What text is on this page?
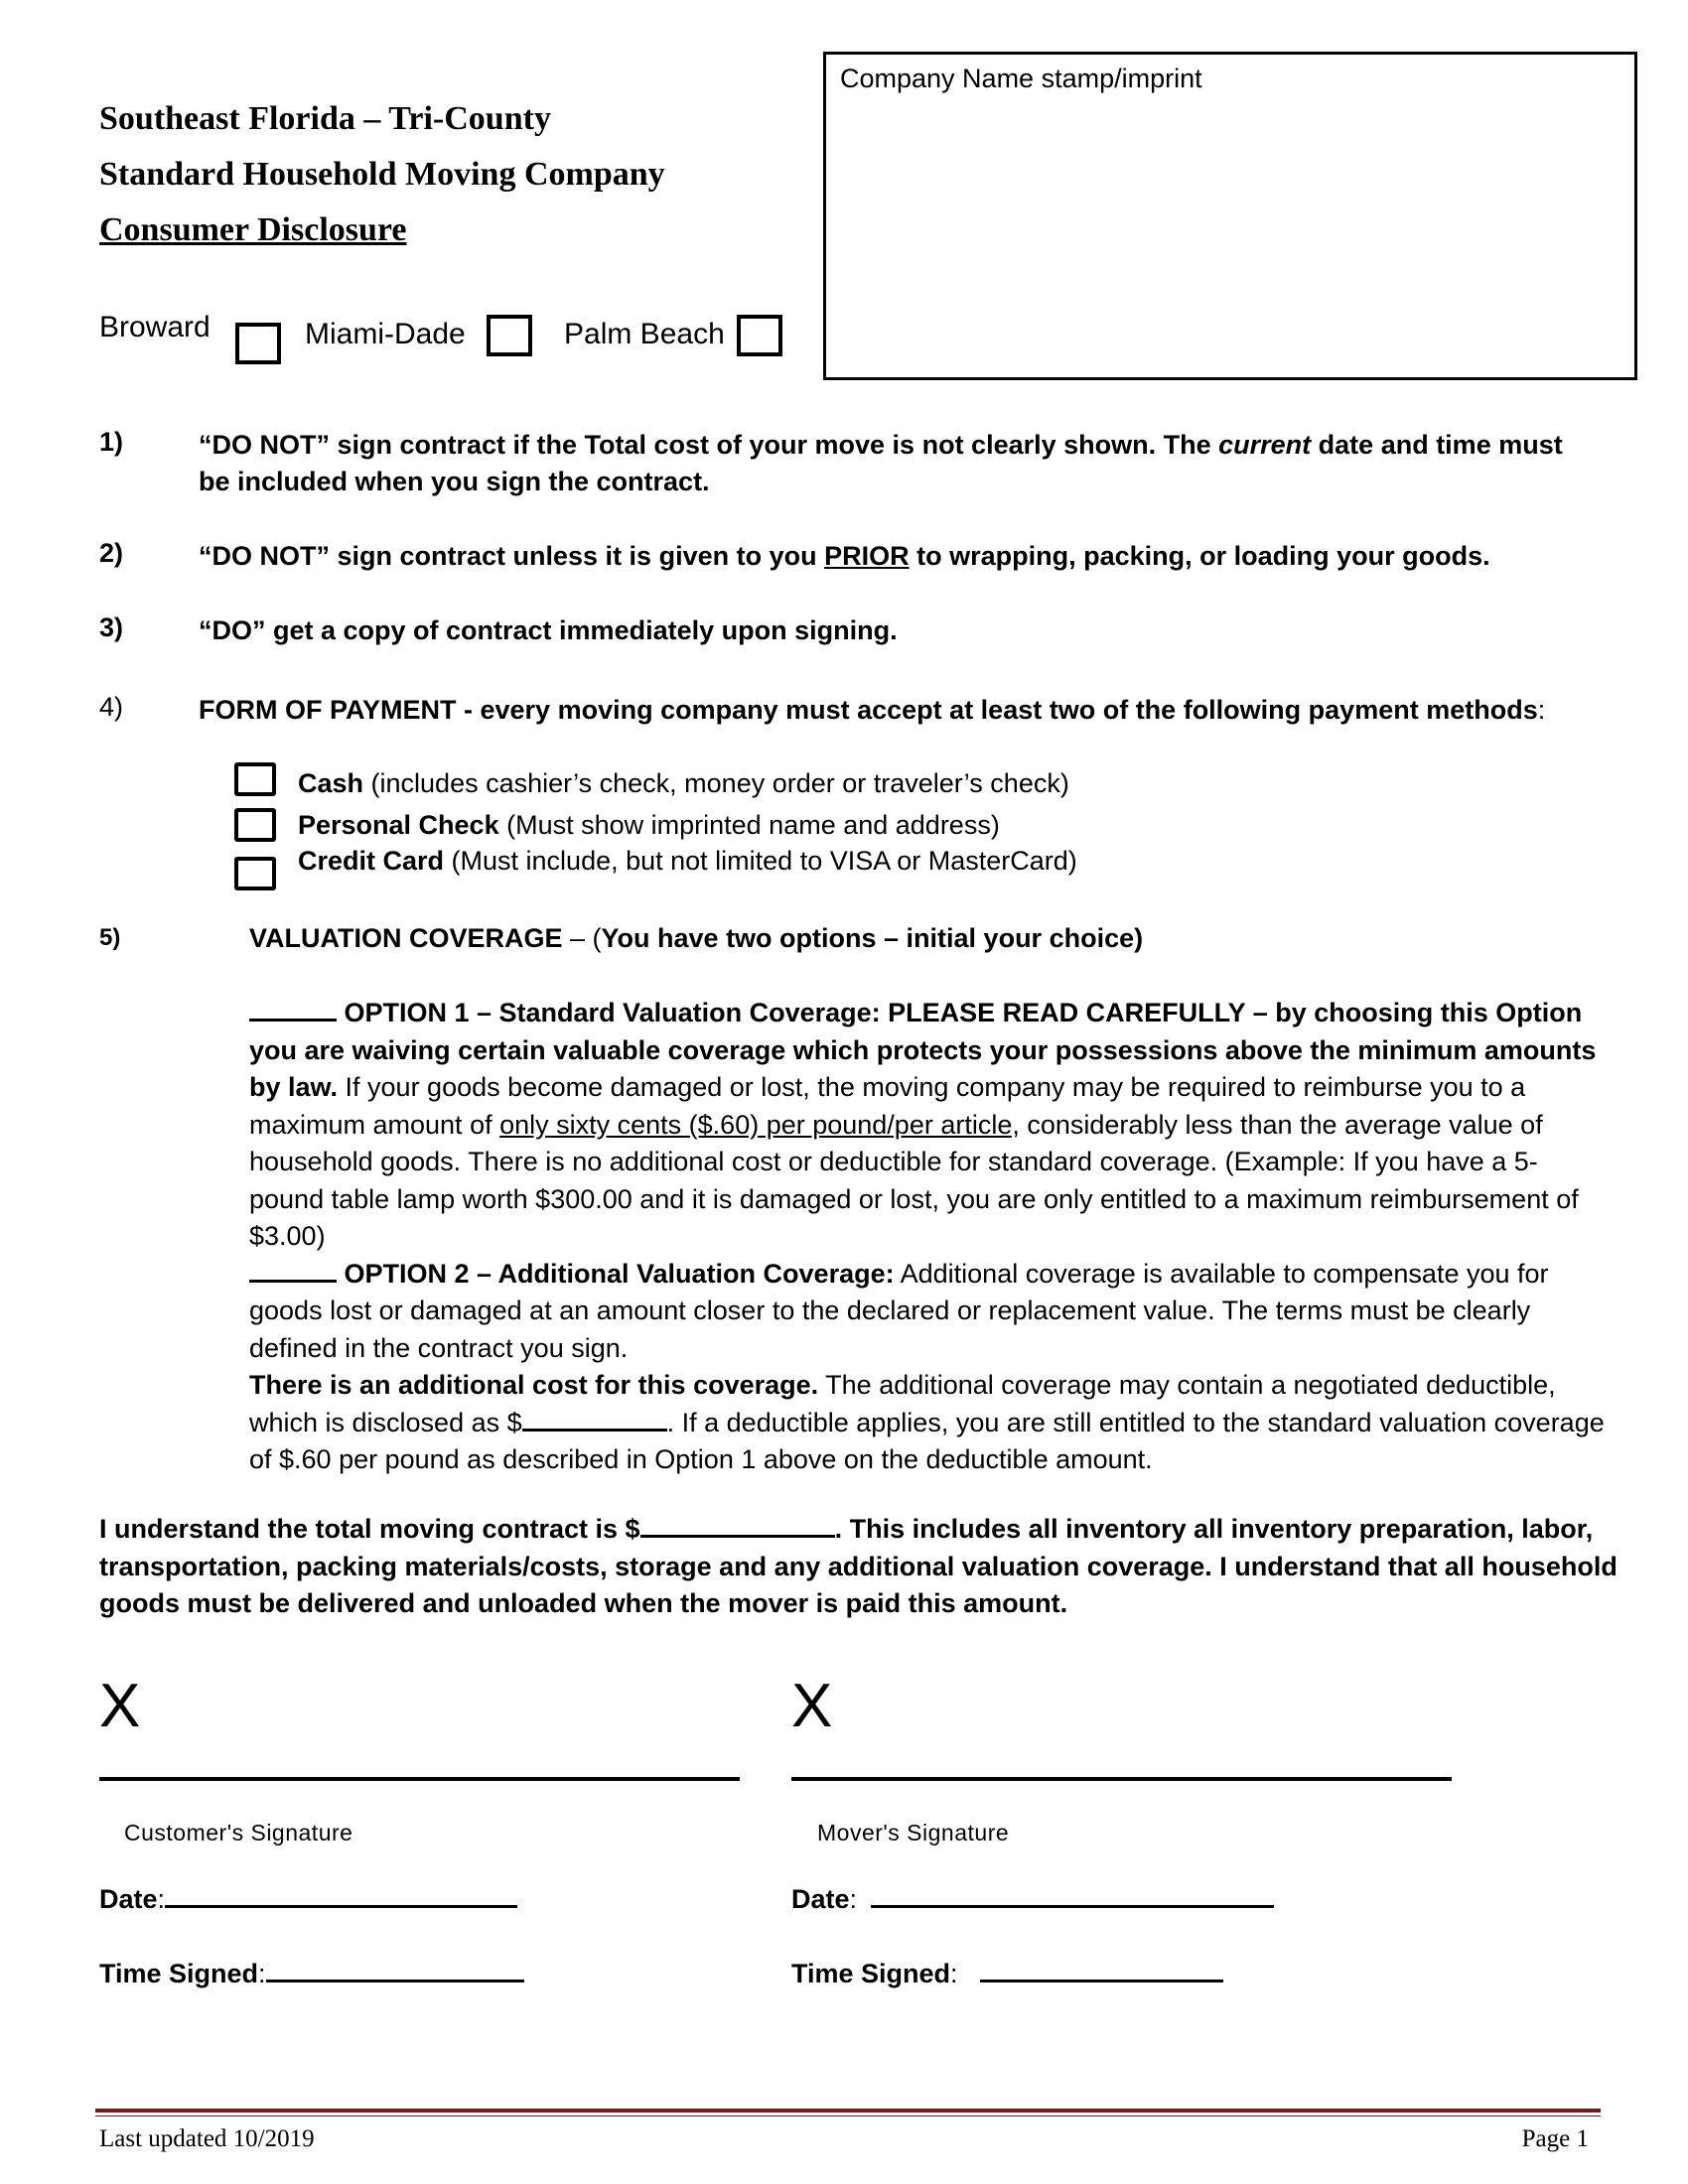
Southeast Florida – Tri-County
Standard Household Moving Company
Consumer Disclosure
Company Name stamp/imprint
Broward	Miami-Dade	Palm Beach
1)	“DO NOT” sign contract if the Total cost of your move is not clearly shown. The current date and time must be included when you sign the contract.
2)	“DO NOT” sign contract unless it is given to you PRIOR to wrapping, packing, or loading your goods.
3)	“DO” get a copy of contract immediately upon signing.
4)	FORM OF PAYMENT - every moving company must accept at least two of the following payment methods:
Cash (includes cashier’s check, money order or traveler’s check)
Personal Check (Must show imprinted name and address)
Credit Card (Must include, but not limited to VISA or MasterCard)
5)	VALUATION COVERAGE – (You have two options – initial your choice)
OPTION 1 – Standard Valuation Coverage: PLEASE READ CAREFULLY – by choosing this Option you are waiving certain valuable coverage which protects your possessions above the minimum amounts by law. If your goods become damaged or lost, the moving company may be required to reimburse you to a maximum amount of only sixty cents ($.60) per pound/per article, considerably less than the average value of household goods. There is no additional cost or deductible for standard coverage. (Example: If you have a 5-pound table lamp worth $300.00 and it is damaged or lost, you are only entitled to a maximum reimbursement of $3.00)
OPTION 2 – Additional Valuation Coverage: Additional coverage is available to compensate you for goods lost or damaged at an amount closer to the declared or replacement value. The terms must be clearly defined in the contract you sign.
There is an additional cost for this coverage. The additional coverage may contain a negotiated deductible, which is disclosed as $	. If a deductible applies, you are still entitled to the standard valuation coverage of $.60 per pound as described in Option 1 above on the deductible amount.
I understand the total moving contract is $	. This includes all inventory all inventory preparation, labor, transportation, packing materials/costs, storage and any additional valuation coverage. I understand that all household goods must be delivered and unloaded when the mover is paid this amount.
X
Customer's Signature
X
Mover's Signature
Date:
Time Signed:
Date:
Time Signed:
Last updated 10/2019	Page 1
